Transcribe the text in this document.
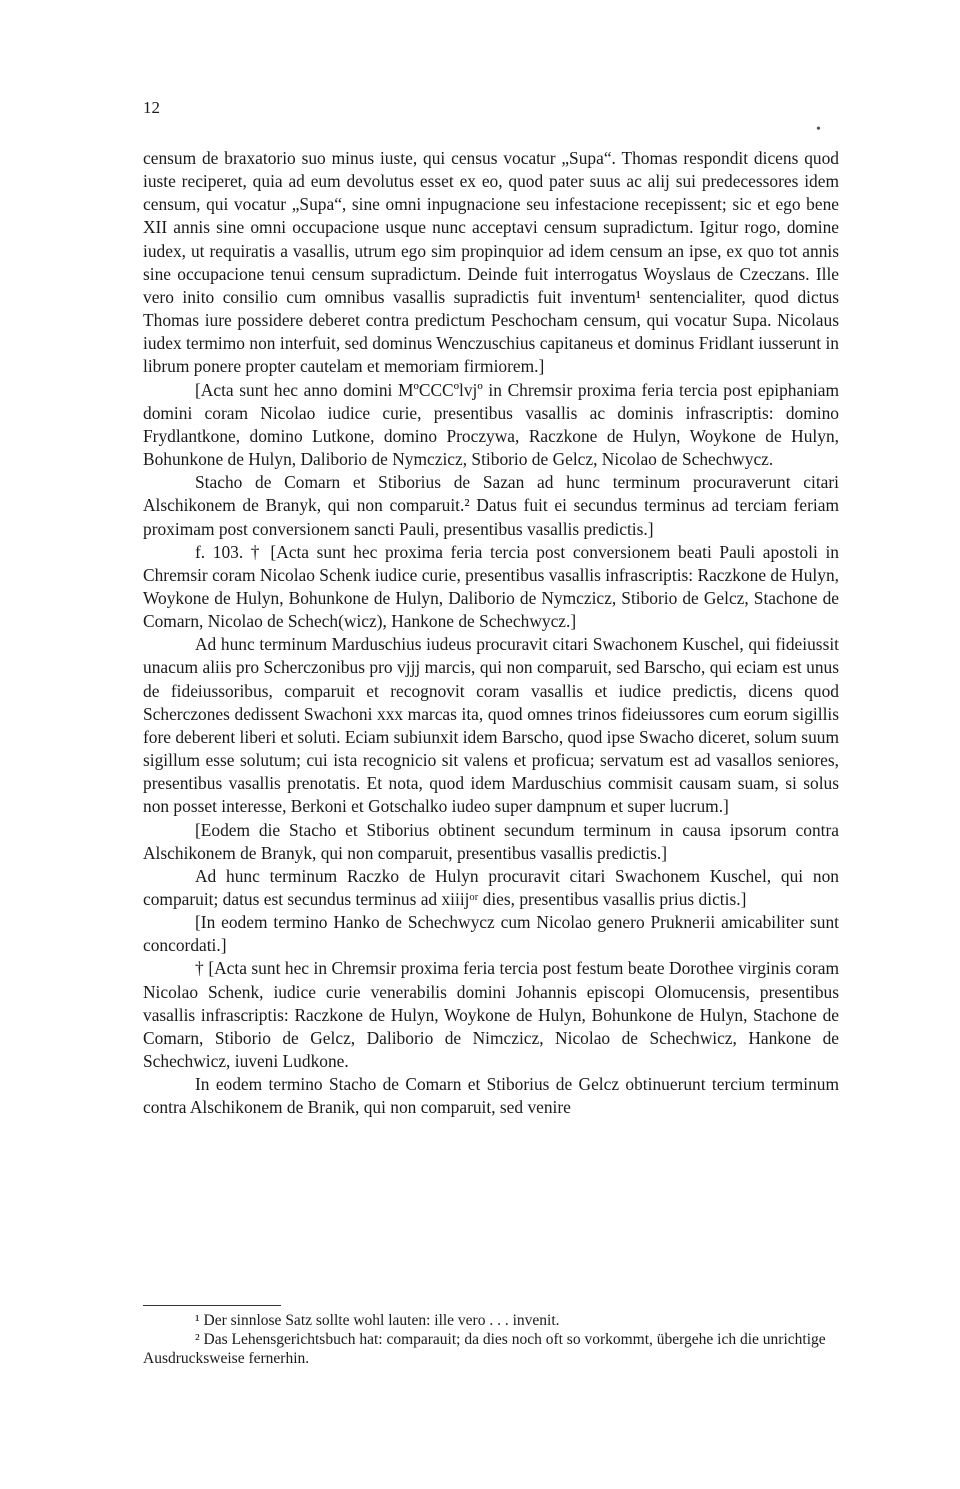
12
•

censum de braxatorio suo minus iuste, qui census vocatur „Supa“. Thomas respondit dicens quod iuste reciperet, quia ad eum devolutus esset ex eo, quod pater suus ac alij sui predecessores idem censum, qui vocatur „Supa“, sine omni inpugnacione seu infestacione recepissent; sic et ego bene XII annis sine omni occupacione usque nunc acceptavi censum supradictum. Igitur rogo, domine iudex, ut requiratis a vasallis, utrum ego sim propinquior ad idem censum an ipse, ex quo tot annis sine occupacione tenui censum supradictum. Deinde fuit interrogatus Woyslaus de Czeczans. Ille vero inito consilio cum omnibus vasallis supradictis fuit inventum¹ sentencialiter, quod dictus Thomas iure possidere deberet contra predictum Peschocham censum, qui vocatur Supa. Nicolaus iudex termimo non interfuit, sed dominus Wenczuschius capitaneus et dominus Fridlant iusserunt in librum ponere propter cautelam et memoriam firmiorem.]

[Acta sunt hec anno domini MºCCCºlvjº in Chremsir proxima feria tercia post epiphaniam domini coram Nicolao iudice curie, presentibus vasallis ac dominis infrascriptis: domino Frydlantkone, domino Lutkone, domino Proczywa, Raczkone de Hulyn, Woykone de Hulyn, Bohunkone de Hulyn, Daliborio de Nymczicz, Stiborio de Gelcz, Nicolao de Schechwycz.

Stacho de Comarn et Stiborius de Sazan ad hunc terminum procuraverunt citari Alschikonem de Branyk, qui non comparuit.² Datus fuit ei secundus terminus ad terciam feriam proximam post conversionem sancti Pauli, presentibus vasallis predictis.]

f. 103. † [Acta sunt hec proxima feria tercia post conversionem beati Pauli apostoli in Chremsir coram Nicolao Schenk iudice curie, presentibus vasallis infrascriptis: Raczkone de Hulyn, Woykone de Hulyn, Bohunkone de Hulyn, Daliborio de Nymczicz, Stiborio de Gelcz, Stachone de Comarn, Nicolao de Schech(wicz), Hankone de Schechwycz.]

Ad hunc terminum Marduschius iudeus procuravit citari Swachonem Kuschel, qui fideiussit unacum aliis pro Scherczonibus pro vjjj marcis, qui non comparuit, sed Barscho, qui eciam est unus de fideiussoribus, comparuit et recognovit coram vasallis et iudice predictis, dicens quod Scherczones dedissent Swachoni xxx marcas ita, quod omnes trinos fideiussores cum eorum sigillis fore deberent liberi et soluti. Eciam subiunxit idem Barscho, quod ipse Swacho diceret, solum suum sigillum esse solutum; cui ista recognicio sit valens et proficua; servatum est ad vasallos seniores, presentibus vasallis prenotatis. Et nota, quod idem Marduschius commisit causam suam, si solus non posset interesse, Berkoni et Gotschalko iudeo super dampnum et super lucrum.]

[Eodem die Stacho et Stiborius obtinent secundum terminum in causa ipsorum contra Alschikonem de Branyk, qui non comparuit, presentibus vasallis predictis.]

Ad hunc terminum Raczko de Hulyn procuravit citari Swachonem Kuschel, qui non comparuit; datus est secundus terminus ad xiiijᵒʳ dies, presentibus vasallis prius dictis.]

[In eodem termino Hanko de Schechwycz cum Nicolao genero Pruknerii amicabiliter sunt concordati.]

† [Acta sunt hec in Chremsir proxima feria tercia post festum beate Dorothee virginis coram Nicolao Schenk, iudice curie venerabilis domini Johannis episcopi Olomucensis, presentibus vasallis infrascriptis: Raczkone de Hulyn, Woykone de Hulyn, Bohunkone de Hulyn, Stachone de Comarn, Stiborio de Gelcz, Daliborio de Nimczicz, Nicolao de Schechwicz, Hankone de Schechwicz, iuveni Ludkone.

In eodem termino Stacho de Comarn et Stiborius de Gelcz obtinuerunt tercium terminum contra Alschikonem de Branik, qui non comparuit, sed venire

¹ Der sinnlose Satz sollte wohl lauten: ille vero . . . invenit.

² Das Lehensgerichtsbuch hat: comparauit; da dies noch oft so vorkommt, übergehe ich die unrichtige Ausdrucksweise fernerhin.
